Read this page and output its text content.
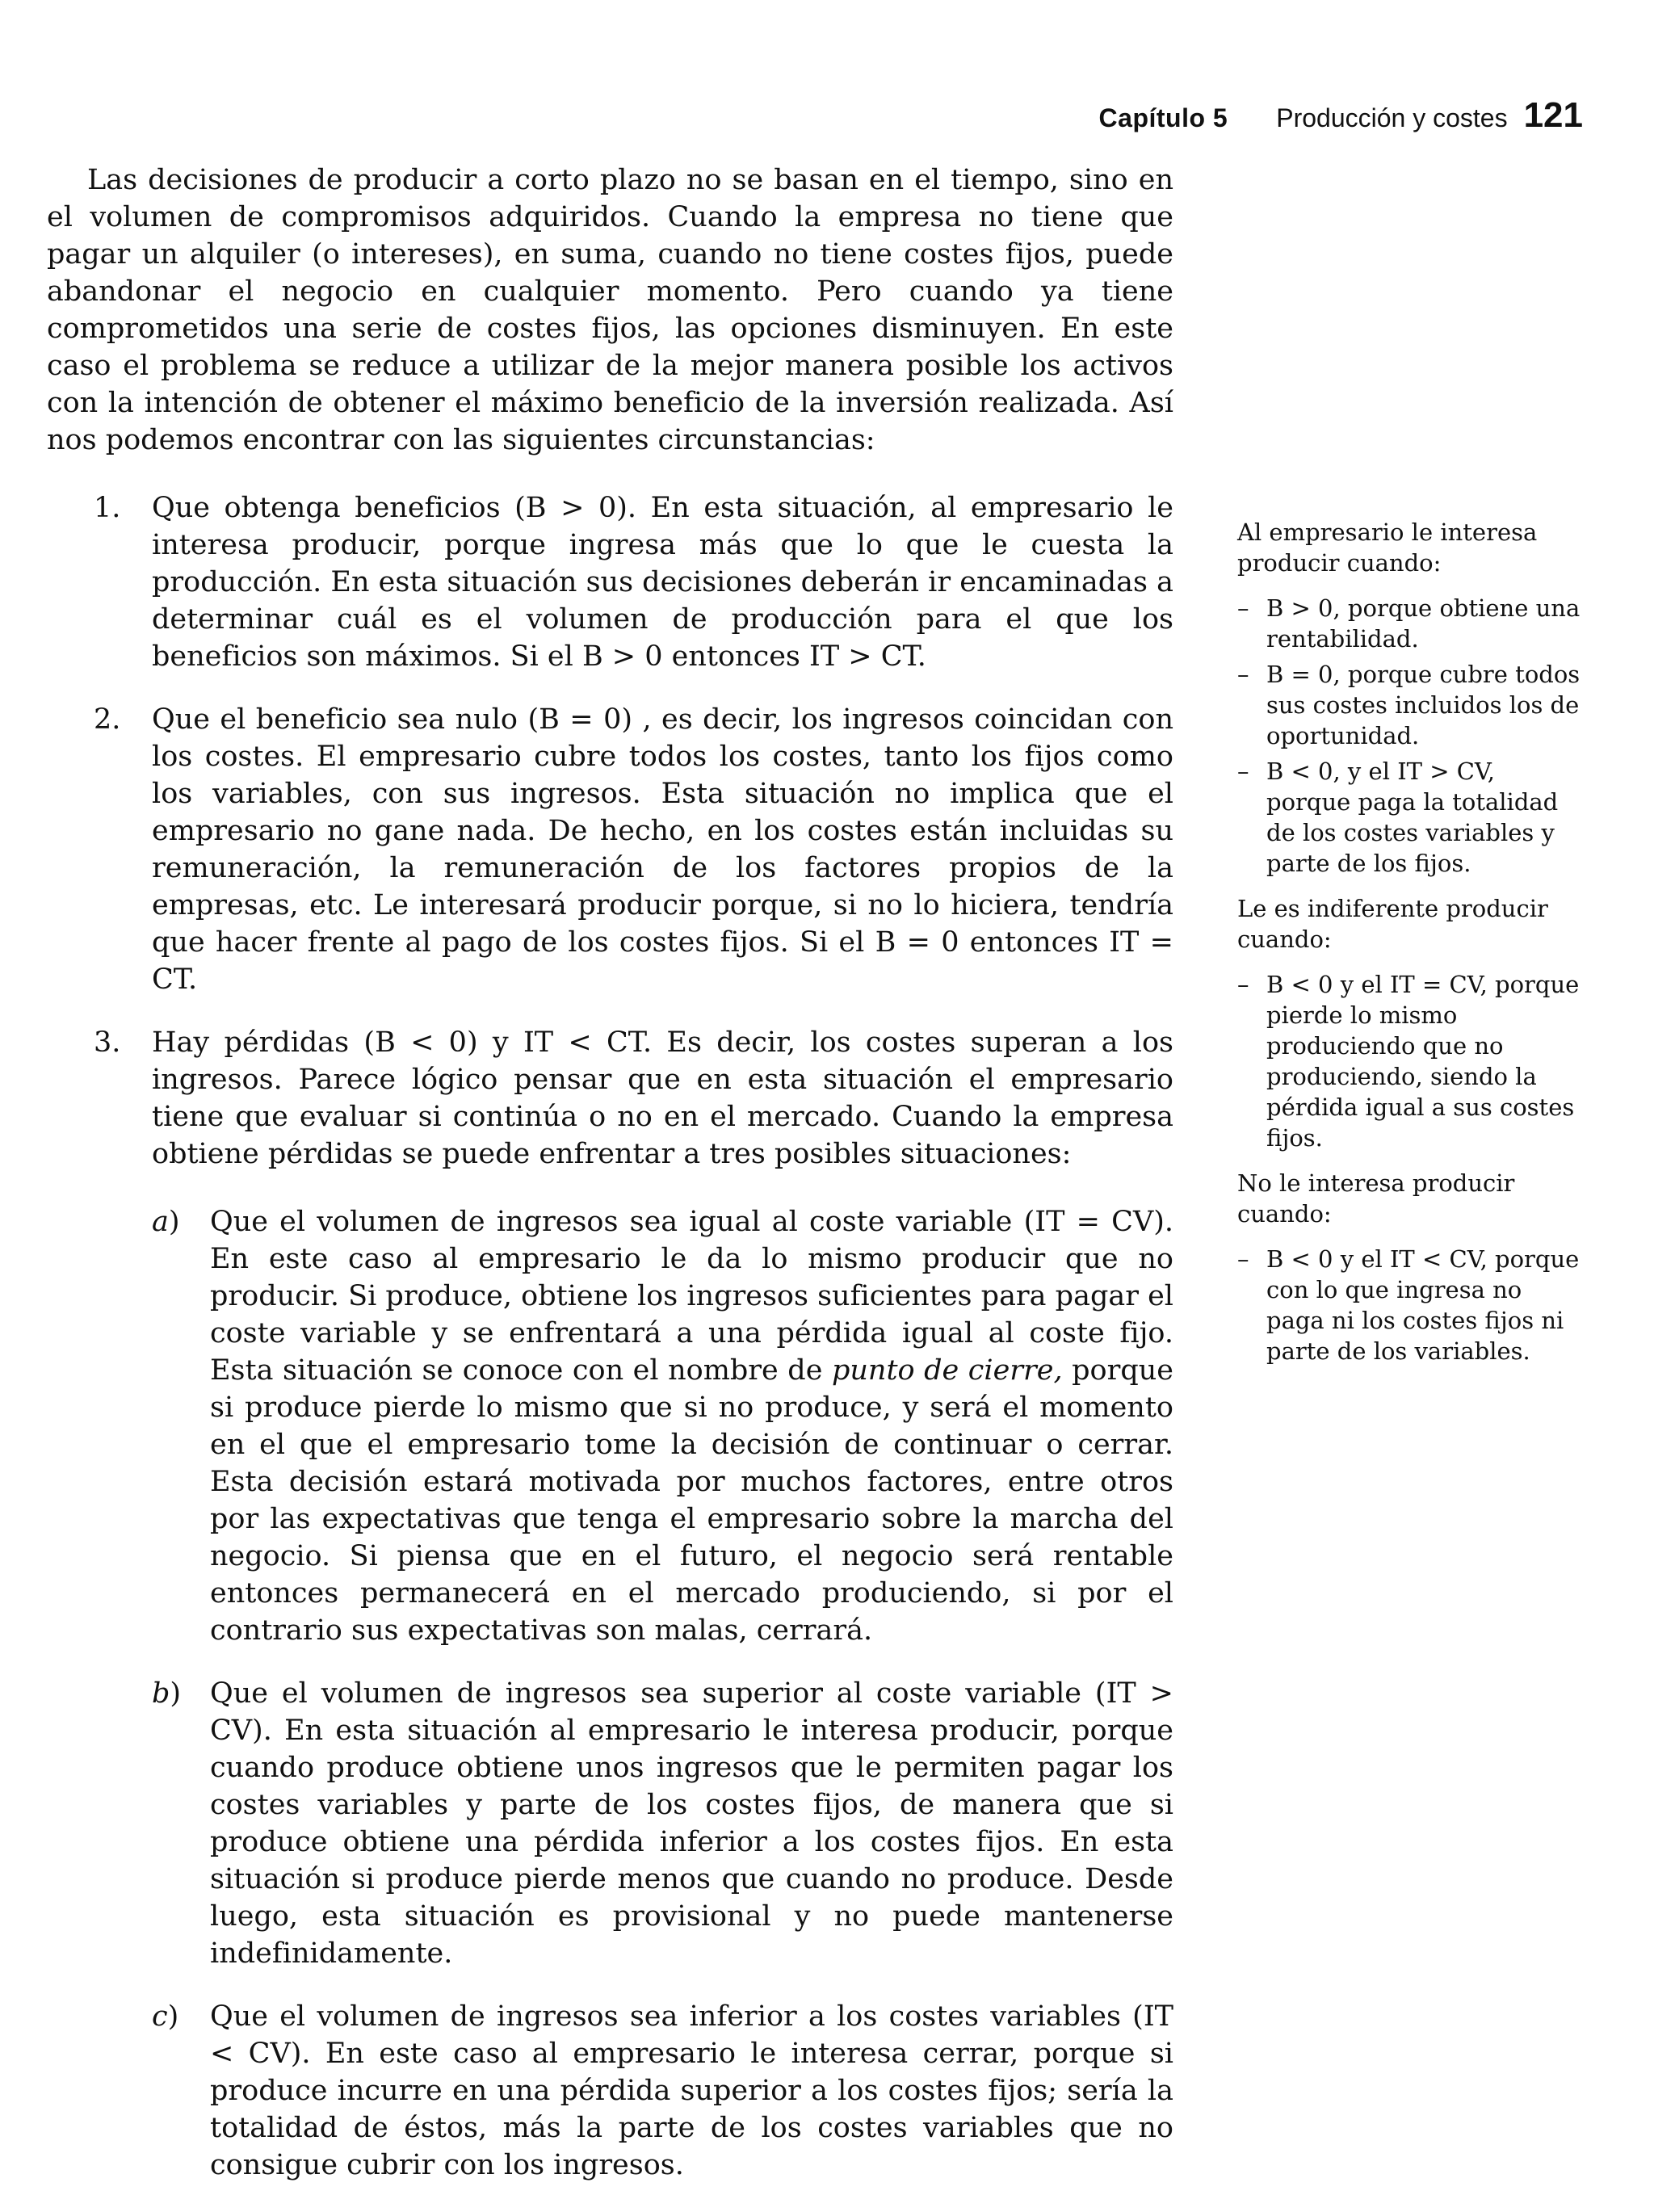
Capítulo 5 Producción y costes 121

Las decisiones de producir a corto plazo no se basan en el tiempo, sino en el volumen de compromisos adquiridos. Cuando la empresa no tiene que pagar un alquiler (o intereses), en suma, cuando no tiene costes fijos, puede abandonar el negocio en cualquier momento. Pero cuando ya tiene comprometidos una serie de costes fijos, las opciones disminuyen. En este caso el problema se reduce a utilizar de la mejor manera posible los activos con la intención de obtener el máximo beneficio de la inversión realizada. Así nos podemos encontrar con las siguientes circunstancias:

1. Que obtenga beneficios (B > 0). En esta situación, al empresario le interesa producir, porque ingresa más que lo que le cuesta la producción. En esta situación sus decisiones deberán ir encaminadas a determinar cuál es el volumen de producción para el que los beneficios son máximos. Si el B > 0 entonces IT > CT.
2. Que el beneficio sea nulo (B = 0) , es decir, los ingresos coincidan con los costes. El empresario cubre todos los costes, tanto los fijos como los variables, con sus ingresos. Esta situación no implica que el empresario no gane nada. De hecho, en los costes están incluidas su remuneración, la remuneración de los factores propios de la empresas, etc. Le interesará producir porque, si no lo hiciera, tendría que hacer frente al pago de los costes fijos. Si el B = 0 entonces IT = CT.
3. Hay pérdidas (B < 0) y IT < CT. Es decir, los costes superan a los ingresos. Parece lógico pensar que en esta situación el empresario tiene que evaluar si continúa o no en el mercado. Cuando la empresa obtiene pérdidas se puede enfrentar a tres posibles situaciones:
a) Que el volumen de ingresos sea igual al coste variable (IT = CV). En este caso al empresario le da lo mismo producir que no producir. Si produce, obtiene los ingresos suficientes para pagar el coste variable y se enfrentará a una pérdida igual al coste fijo. Esta situación se conoce con el nombre de punto de cierre, porque si produce pierde lo mismo que si no produce, y será el momento en el que el empresario tome la decisión de continuar o cerrar. Esta decisión estará motivada por muchos factores, entre otros por las expectativas que tenga el empresario sobre la marcha del negocio. Si piensa que en el futuro, el negocio será rentable entonces permanecerá en el mercado produciendo, si por el contrario sus expectativas son malas, cerrará.
b) Que el volumen de ingresos sea superior al coste variable (IT > CV). En esta situación al empresario le interesa producir, porque cuando produce obtiene unos ingresos que le permiten pagar los costes variables y parte de los costes fijos, de manera que si produce obtiene una pérdida inferior a los costes fijos. En esta situación si produce pierde menos que cuando no produce. Desde luego, esta situación es provisional y no puede mantenerse indefinidamente.
c) Que el volumen de ingresos sea inferior a los costes variables (IT < CV). En este caso al empresario le interesa cerrar, porque si produce incurre en una pérdida superior a los costes fijos; sería la totalidad de éstos, más la parte de los costes variables que no consigue cubrir con los ingresos.

Al empresario le interesa producir cuando:

– B > 0, porque obtiene una rentabilidad.
– B = 0, porque cubre todos sus costes incluidos los de oportunidad.
– B < 0, y el IT > CV, porque paga la totalidad de los costes variables y parte de los fijos.

Le es indiferente producir cuando:

– B < 0 y el IT = CV, porque pierde lo mismo produciendo que no produciendo, siendo la pérdida igual a sus costes fijos.

No le interesa producir cuando:

– B < 0 y el IT < CV, porque con lo que ingresa no paga ni los costes fijos ni parte de los variables.
